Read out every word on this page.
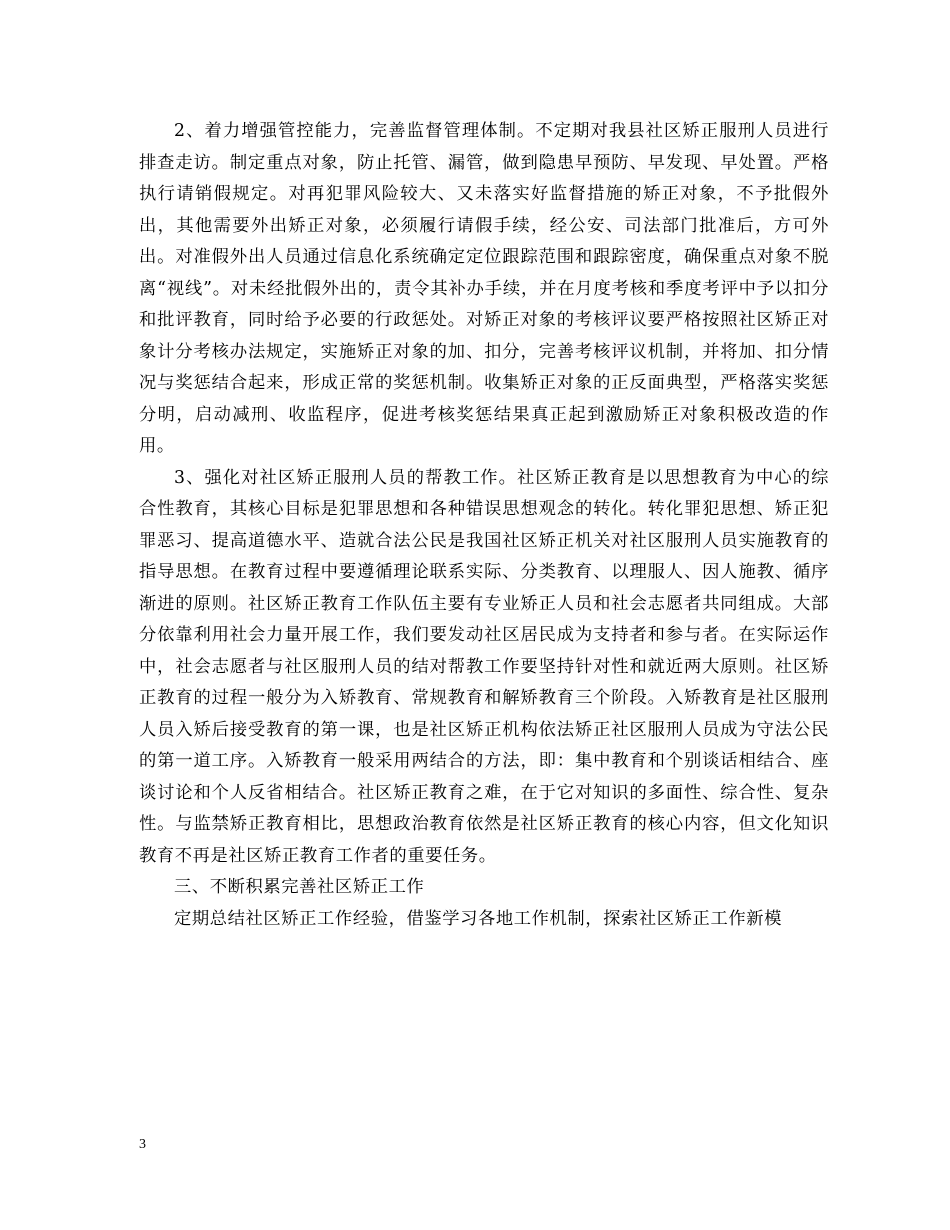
2、着力增强管控能力，完善监督管理体制。不定期对我县社区矫正服刑人员进行排查走访。制定重点对象，防止托管、漏管，做到隐患早预防、早发现、早处置。严格执行请销假规定。对再犯罪风险较大、又未落实好监督措施的矫正对象，不予批假外出，其他需要外出矫正对象，必须履行请假手续，经公安、司法部门批准后，方可外出。对准假外出人员通过信息化系统确定定位跟踪范围和跟踪密度，确保重点对象不脱离“视线”。对未经批假外出的，责令其补办手续，并在月度考核和季度考评中予以扣分和批评教育，同时给予必要的行政惩处。对矫正对象的考核评议要严格按照社区矫正对象计分考核办法规定，实施矫正对象的加、扣分，完善考核评议机制，并将加、扣分情况与奖惩结合起来，形成正常的奖惩机制。收集矫正对象的正反面典型，严格落实奖惩分明，启动减刑、收监程序，促进考核奖惩结果真正起到激励矫正对象积极改造的作用。

3、强化对社区矫正服刑人员的帮教工作。社区矫正教育是以思想教育为中心的综合性教育，其核心目标是犯罪思想和各种错误思想观念的转化。转化罪犯思想、矫正犯罪恶习、提高道德水平、造就合法公民是我国社区矫正机关对社区服刑人员实施教育的指导思想。在教育过程中要遵循理论联系实际、分类教育、以理服人、因人施教、循序渐进的原则。社区矫正教育工作队伍主要有专业矫正人员和社会志愿者共同组成。大部分依靠利用社会力量开展工作，我们要发动社区居民成为支持者和参与者。在实际运作中，社会志愿者与社区服刑人员的结对帮教工作要坚持针对性和就近两大原则。社区矫正教育的过程一般分为入矫教育、常规教育和解矫教育三个阶段。入矫教育是社区服刑人员入矫后接受教育的第一课，也是社区矫正机构依法矫正社区服刑人员成为守法公民的第一道工序。入矫教育一般采用两结合的方法，即：集中教育和个别谈话相结合、座谈讨论和个人反省相结合。社区矫正教育之难，在于它对知识的多面性、综合性、复杂性。与监禁矫正教育相比，思想政治教育依然是社区矫正教育的核心内容，但文化知识教育不再是社区矫正教育工作者的重要任务。

三、不断积累完善社区矫正工作

定期总结社区矫正工作经验，借鉴学习各地工作机制，探索社区矫正工作新模

3
